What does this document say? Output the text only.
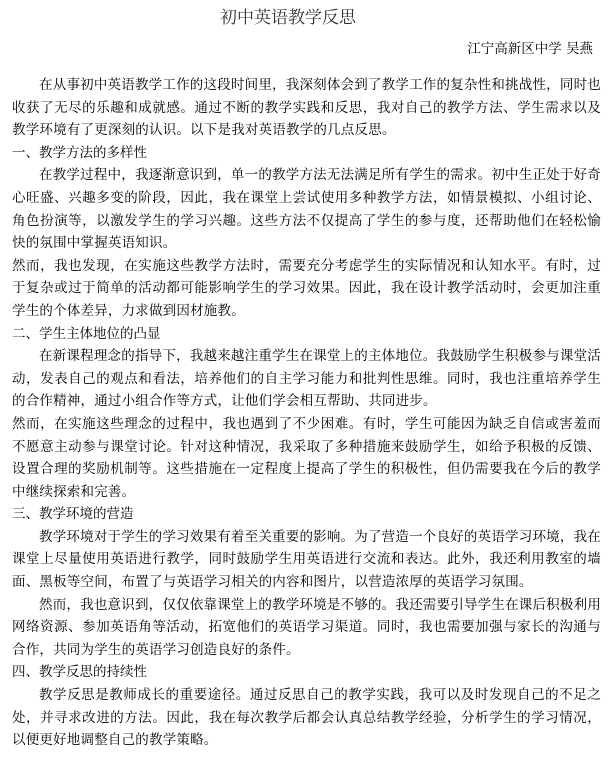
初中英语教学反思
江宁高新区中学 吴燕

在从事初中英语教学工作的这段时间里，我深刻体会到了教学工作的复杂性和挑战性，同时也收获了无尽的乐趣和成就感。通过不断的教学实践和反思，我对自己的教学方法、学生需求以及教学环境有了更深刻的认识。以下是我对英语教学的几点反思。

一、教学方法的多样性

在教学过程中，我逐渐意识到，单一的教学方法无法满足所有学生的需求。初中生正处于好奇心旺盛、兴趣多变的阶段，因此，我在课堂上尝试使用多种教学方法，如情景模拟、小组讨论、角色扮演等，以激发学生的学习兴趣。这些方法不仅提高了学生的参与度，还帮助他们在轻松愉快的氛围中掌握英语知识。

然而，我也发现，在实施这些教学方法时，需要充分考虑学生的实际情况和认知水平。有时，过于复杂或过于简单的活动都可能影响学生的学习效果。因此，我在设计教学活动时，会更加注重学生的个体差异，力求做到因材施教。

二、学生主体地位的凸显

在新课程理念的指导下，我越来越注重学生在课堂上的主体地位。我鼓励学生积极参与课堂活动，发表自己的观点和看法，培养他们的自主学习能力和批判性思维。同时，我也注重培养学生的合作精神，通过小组合作等方式，让他们学会相互帮助、共同进步。

然而，在实施这些理念的过程中，我也遇到了不少困难。有时，学生可能因为缺乏自信或害羞而不愿意主动参与课堂讨论。针对这种情况，我采取了多种措施来鼓励学生，如给予积极的反馈、设置合理的奖励机制等。这些措施在一定程度上提高了学生的积极性，但仍需要我在今后的教学中继续探索和完善。

三、教学环境的营造

教学环境对于学生的学习效果有着至关重要的影响。为了营造一个良好的英语学习环境，我在课堂上尽量使用英语进行教学，同时鼓励学生用英语进行交流和表达。此外，我还利用教室的墙面、黑板等空间，布置了与英语学习相关的内容和图片，以营造浓厚的英语学习氛围。

然而，我也意识到，仅仅依靠课堂上的教学环境是不够的。我还需要引导学生在课后积极利用网络资源、参加英语角等活动，拓宽他们的英语学习渠道。同时，我也需要加强与家长的沟通与合作，共同为学生的英语学习创造良好的条件。

四、教学反思的持续性

教学反思是教师成长的重要途径。通过反思自己的教学实践，我可以及时发现自己的不足之处，并寻求改进的方法。因此，我在每次教学后都会认真总结教学经验，分析学生的学习情况，以便更好地调整自己的教学策略。
